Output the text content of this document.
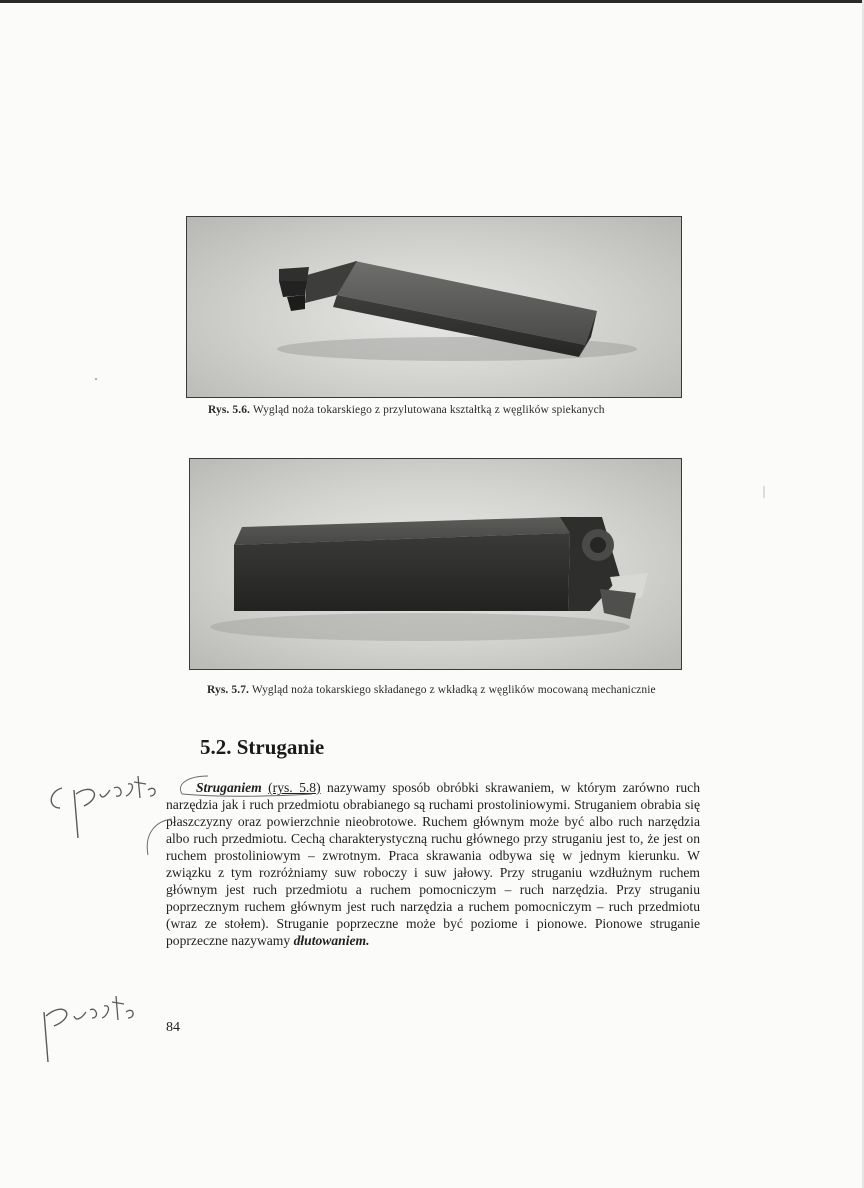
Rys. 5.6. Wygląd noża tokarskiego z przylutowana kształtką z węglików spiekanych
Rys. 5.7. Wygląd noża tokarskiego składanego z wkładką z węglików mocowaną mechanicznie
5.2. Struganie

Struganiem (rys. 5.8) nazywamy sposób obróbki skrawaniem, w którym zarówno ruch narzędzia jak i ruch przedmiotu obrabianego są ruchami prostoliniowymi. Struganiem obrabia się płaszczyzny oraz powierzchnie nieobrotowe. Ruchem głównym może być albo ruch narzędzia albo ruch przedmiotu. Cechą charakterystyczną ruchu głównego przy struganiu jest to, że jest on ruchem prostoliniowym – zwrotnym. Praca skrawania odbywa się w jednym kierunku. W związku z tym rozróżniamy suw roboczy i suw jałowy. Przy struganiu wzdłużnym ruchem głównym jest ruch przedmiotu a ruchem pomocniczym – ruch narzędzia. Przy struganiu poprzecznym ruchem głównym jest ruch narzędzia a ruchem pomocniczym – ruch przedmiotu (wraz ze stołem). Struganie poprzeczne może być poziome i pionowe. Pionowe struganie poprzeczne nazywamy dłutowaniem.

84
